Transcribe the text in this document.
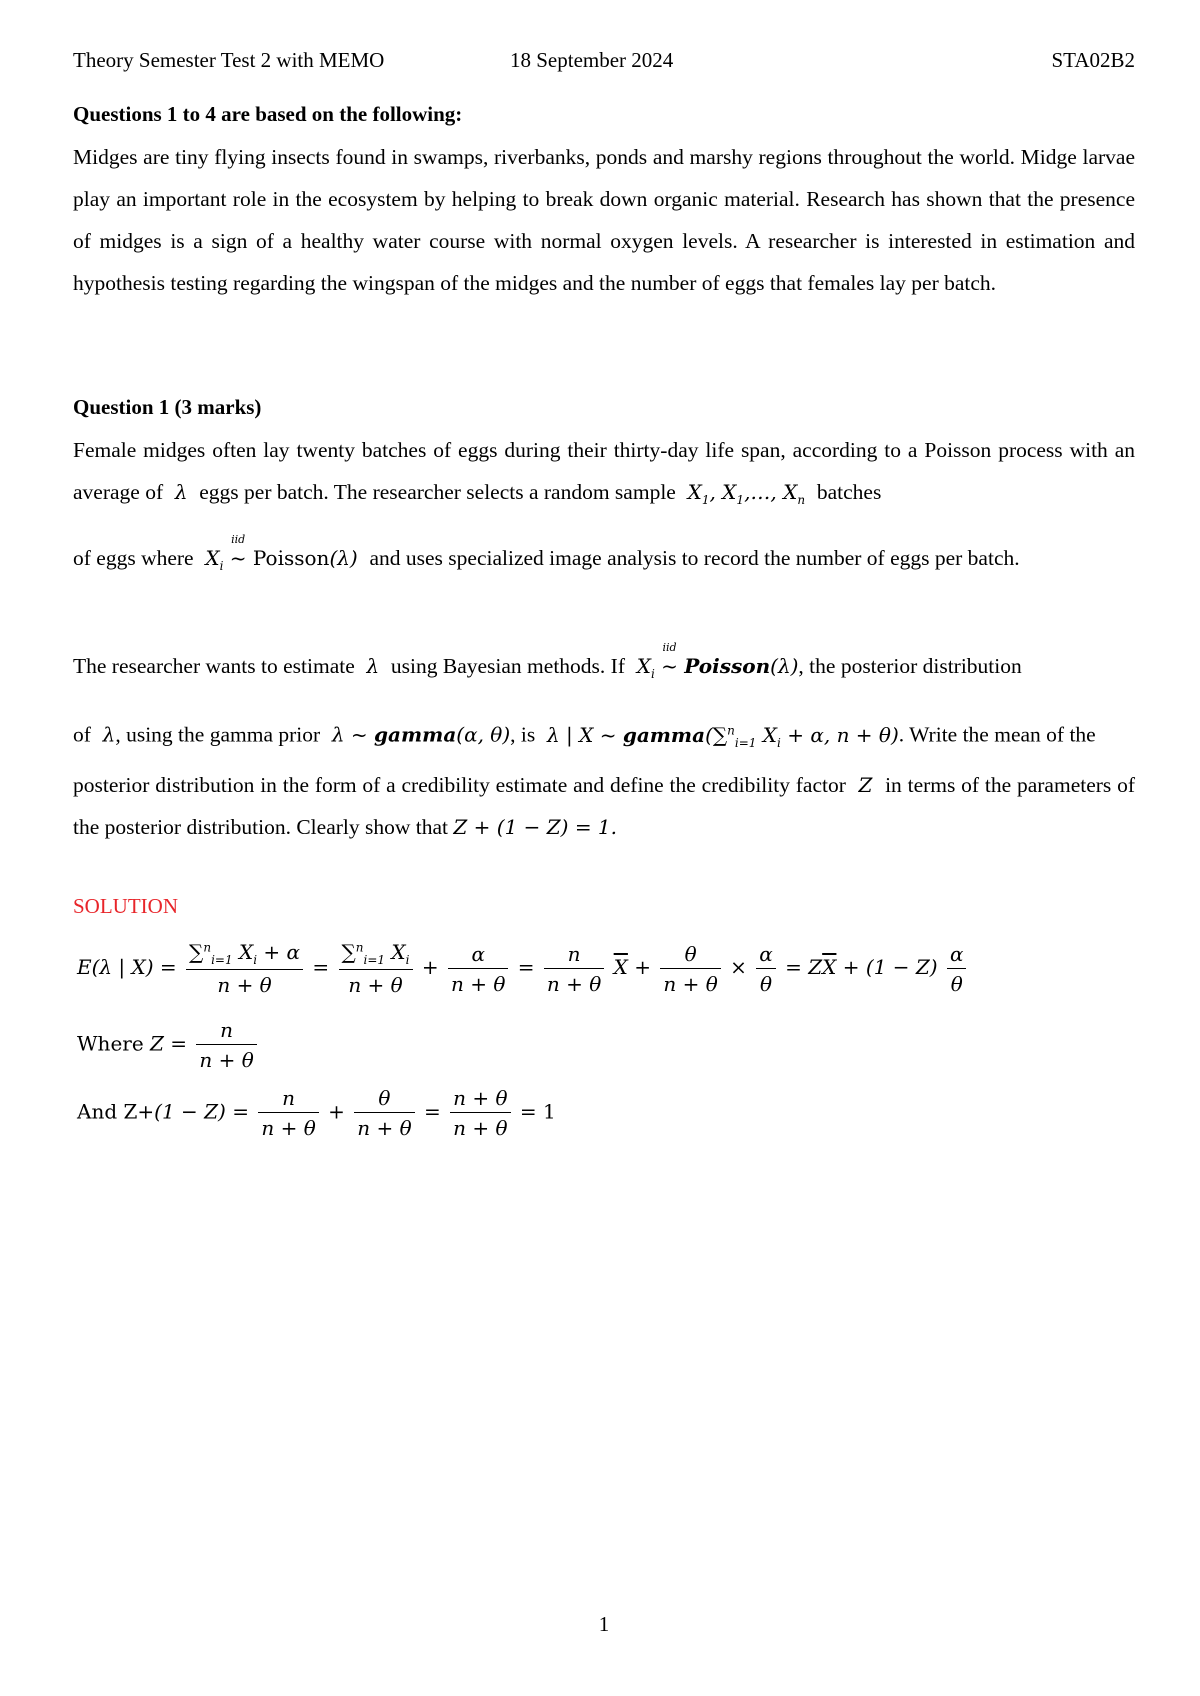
Theory Semester Test 2 with MEMO	18 September 2024	STA02B2
Questions 1 to 4 are based on the following:
Midges are tiny flying insects found in swamps, riverbanks, ponds and marshy regions throughout the world. Midge larvae play an important role in the ecosystem by helping to break down organic material. Research has shown that the presence of midges is a sign of a healthy water course with normal oxygen levels. A researcher is interested in estimation and hypothesis testing regarding the wingspan of the midges and the number of eggs that females lay per batch.
Question 1 (3 marks)
Female midges often lay twenty batches of eggs during their thirty-day life span, according to a Poisson process with an average of  λ  eggs per batch. The researcher selects a random sample  $X_1$, $X_1,\dots$, $X_n$ batches
of eggs where  $X_i$ ~
iid
Poisson(λ)  and uses specialized image analysis to record the number of eggs per batch.
The researcher wants to estimate  λ  using Bayesian methods. If  $X_i$ ~
iid
Poisson(λ), the posterior distribution
of  λ, using the gamma prior  λ ~ gamma(α, θ), is  λ | X ~ gamma(∑$^n_{i=1}$ $X_i + \alpha$, n + θ). Write the mean of the
posterior distribution in the form of a credibility estimate and define the credibility factor  Z  in terms of the parameters of the posterior distribution. Clearly show that Z + (1 − Z) = 1.
SOLUTION
E(λ | $X) = \frac{\sum^n_{i=1} X_i + \alpha}{n + \theta} = \frac{\sum^n_{i=1} X_i}{n + \theta} + \frac{\alpha}{n + \theta} = \frac{n}{n + \theta} \overline{X} + \frac{\theta}{n + \theta} \times \frac{\alpha}{\theta} = Z\overline{X} + (1 - Z) \frac{\alpha}{\theta}$
Where $Z = \frac{n}{n + \theta}$
And $Z+(1 - Z) = \frac{n}{n + \theta} + \frac{\theta}{n + \theta} = \frac{n + \theta}{n + \theta} = 1$
1
